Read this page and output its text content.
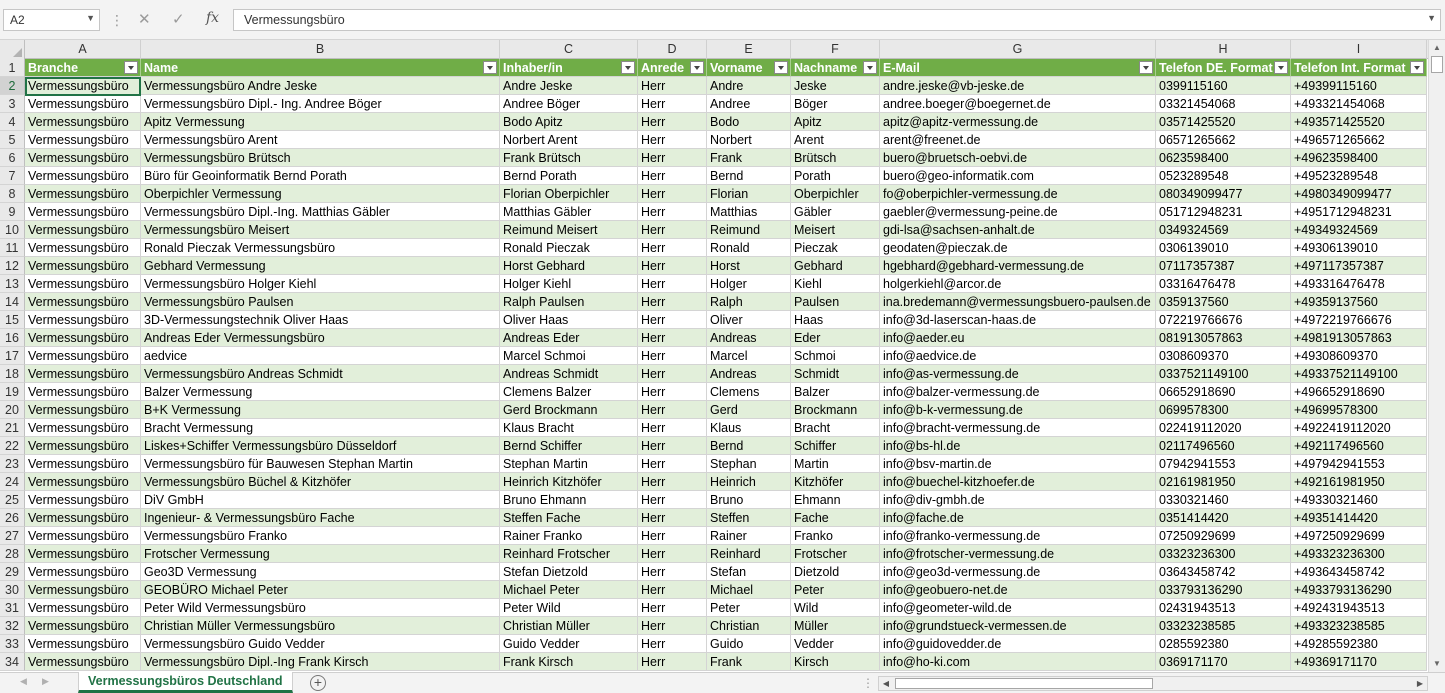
A2	▼ ⋮ ✕ ✓ fx	Vermessungsbüro	▼
A	B	C	D	E	F	G	H	I
1	Branche	Name	Inhaber/in	Anrede	Vorname	Nachname	E-Mail	Telefon DE. Format	Telefon Int. Format
2	Vermessungsbüro	Vermessungsbüro Andre Jeske	Andre Jeske	Herr	Andre	Jeske	andre.jeske@vb-jeske.de	0399115160	+49399115160
3	Vermessungsbüro	Vermessungsbüro Dipl.- Ing. Andree Böger	Andree Böger	Herr	Andree	Böger	andree.boeger@boegernet.de	03321454068	+493321454068
4	Vermessungsbüro	Apitz Vermessung	Bodo Apitz	Herr	Bodo	Apitz	apitz@apitz-vermessung.de	03571425520	+493571425520
5	Vermessungsbüro	Vermessungsbüro Arent	Norbert Arent	Herr	Norbert	Arent	arent@freenet.de	06571265662	+496571265662
6	Vermessungsbüro	Vermessungsbüro Brütsch	Frank Brütsch	Herr	Frank	Brütsch	buero@bruetsch-oebvi.de	0623598400	+49623598400
7	Vermessungsbüro	Büro für Geoinformatik Bernd Porath	Bernd Porath	Herr	Bernd	Porath	buero@geo-informatik.com	0523289548	+49523289548
8	Vermessungsbüro	Oberpichler Vermessung	Florian Oberpichler	Herr	Florian	Oberpichler	fo@oberpichler-vermessung.de	080349099477	+4980349099477
9	Vermessungsbüro	Vermessungsbüro Dipl.-Ing. Matthias Gäbler	Matthias Gäbler	Herr	Matthias	Gäbler	gaebler@vermessung-peine.de	051712948231	+4951712948231
10 Vermessungsbüro	Vermessungsbüro Meisert	Reimund Meisert	Herr	Reimund	Meisert	gdi-lsa@sachsen-anhalt.de	0349324569	+49349324569
11 Vermessungsbüro	Ronald Pieczak Vermessungsbüro	Ronald Pieczak	Herr	Ronald	Pieczak	geodaten@pieczak.de	0306139010	+49306139010
12 Vermessungsbüro	Gebhard Vermessung	Horst Gebhard	Herr	Horst	Gebhard	hgebhard@gebhard-vermessung.de	07117357387	+497117357387
13 Vermessungsbüro	Vermessungsbüro Holger Kiehl	Holger Kiehl	Herr	Holger	Kiehl	holgerkiehl@arcor.de	03316476478	+493316476478
14 Vermessungsbüro	Vermessungsbüro Paulsen	Ralph Paulsen	Herr	Ralph	Paulsen	ina.bredemann@vermessungsbuero-paulsen.de 0359137560	+49359137560
15 Vermessungsbüro	3D-Vermessungstechnik Oliver Haas	Oliver Haas	Herr	Oliver	Haas	info@3d-laserscan-haas.de	072219766676	+4972219766676
16 Vermessungsbüro	Andreas Eder Vermessungsbüro	Andreas Eder	Herr	Andreas	Eder	info@aeder.eu	081913057863	+4981913057863
17 Vermessungsbüro	aedvice	Marcel Schmoi	Herr	Marcel	Schmoi	info@aedvice.de	0308609370	+49308609370
18 Vermessungsbüro	Vermessungsbüro Andreas Schmidt	Andreas Schmidt	Herr	Andreas	Schmidt	info@as-vermessung.de	0337521149100	+49337521149100
19 Vermessungsbüro	Balzer Vermessung	Clemens Balzer	Herr	Clemens	Balzer	info@balzer-vermessung.de	06652918690	+496652918690
20 Vermessungsbüro	B+K Vermessung	Gerd Brockmann	Herr	Gerd	Brockmann	info@b-k-vermessung.de	0699578300	+49699578300
21 Vermessungsbüro	Bracht Vermessung	Klaus Bracht	Herr	Klaus	Bracht	info@bracht-vermessung.de	022419112020	+4922419112020
22 Vermessungsbüro	Liskes+Schiffer Vermessungsbüro Düsseldorf	Bernd Schiffer	Herr	Bernd	Schiffer	info@bs-hl.de	02117496560	+492117496560
23 Vermessungsbüro	Vermessungsbüro für Bauwesen Stephan Martin	Stephan Martin	Herr	Stephan	Martin	info@bsv-martin.de	07942941553	+497942941553
24 Vermessungsbüro	Vermessungsbüro Büchel & Kitzhöfer	Heinrich Kitzhöfer	Herr	Heinrich	Kitzhöfer	info@buechel-kitzhoefer.de	02161981950	+492161981950
25 Vermessungsbüro	DiV GmbH	Bruno Ehmann	Herr	Bruno	Ehmann	info@div-gmbh.de	0330321460	+49330321460
26 Vermessungsbüro	Ingenieur- & Vermessungsbüro Fache	Steffen Fache	Herr	Steffen	Fache	info@fache.de	0351414420	+49351414420
27 Vermessungsbüro	Vermessungsbüro Franko	Rainer Franko	Herr	Rainer	Franko	info@franko-vermessung.de	07250929699	+497250929699
28 Vermessungsbüro	Frotscher Vermessung	Reinhard Frotscher	Herr	Reinhard	Frotscher	info@frotscher-vermessung.de	03323236300	+493323236300
29 Vermessungsbüro	Geo3D Vermessung	Stefan Dietzold	Herr	Stefan	Dietzold	info@geo3d-vermessung.de	03643458742	+493643458742
30 Vermessungsbüro	GEOBÜRO Michael Peter	Michael Peter	Herr	Michael	Peter	info@geobuero-net.de	033793136290	+4933793136290
31 Vermessungsbüro	Peter Wild Vermessungsbüro	Peter Wild	Herr	Peter	Wild	info@geometer-wild.de	02431943513	+492431943513
32 Vermessungsbüro	Christian Müller Vermessungsbüro	Christian Müller	Herr	Christian	Müller	info@grundstueck-vermessen.de	03323238585	+493323238585
33 Vermessungsbüro	Vermessungsbüro Guido Vedder	Guido Vedder	Herr	Guido	Vedder	info@guidovedder.de	0285592380	+49285592380
34 Vermessungsbüro	Vermessungsbüro Dipl.-Ing Frank Kirsch	Frank Kirsch	Herr	Frank	Kirsch	info@ho-ki.com	0369171170	+49369171170
▲
▼
◀ ▶	Vermessungsbüros Deutschland	+	⋮	◀	▶
